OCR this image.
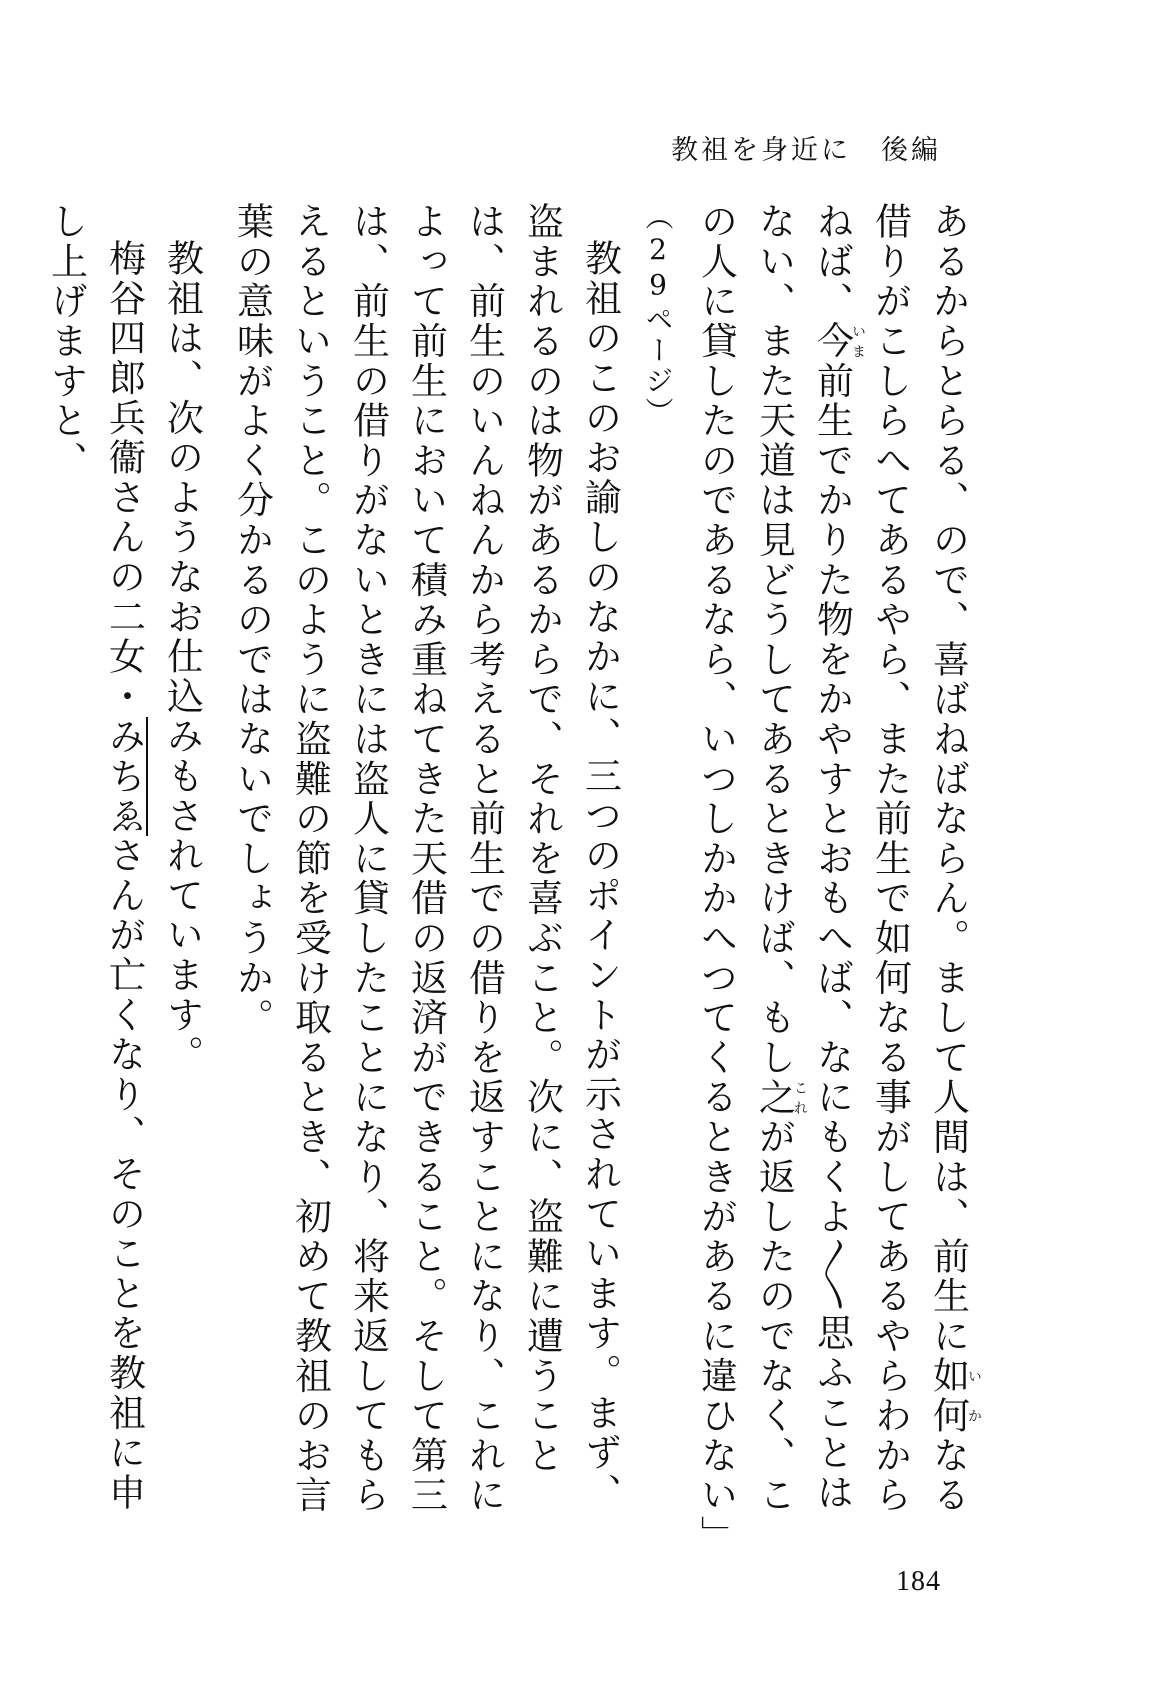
教祖を身近に　後編

あるからとらる、ので、喜ばねばならん。まして人間は、前生に如何いかなる借りがこしらへてあるやら、また前生で如何なる事がしてあるやらわからねば、今いま前生でかりた物をかやすとおもへば、なにもくよ〱思ふことはない、また天道は見どうしてあるときけば、もし之これが返したのでなく、この人に貸したのであるなら、いつしかかへつてくるときがあるに違ひない」（29ページ）

教祖のこのお諭しのなかに、三つのポイントが示されています。まず、盗まれるのは物があるからで、それを喜ぶこと。次に、盗難に遭うことは、前生のいんねんから考えると前生での借りを返すことになり、これによって前生において積み重ねてきた天借の返済ができること。そして第三は、前生の借りがないときには盗人に貸したことになり、将来返してもらえるということ。このように盗難の節を受け取るとき、初めて教祖のお言葉の意味がよく分かるのではないでしょうか。

教祖は、次のようなお仕込みもされています。

梅谷四郎兵衞さんの二女・みちゑさんが亡くなり、そのことを教祖に申し上げますと、

184
